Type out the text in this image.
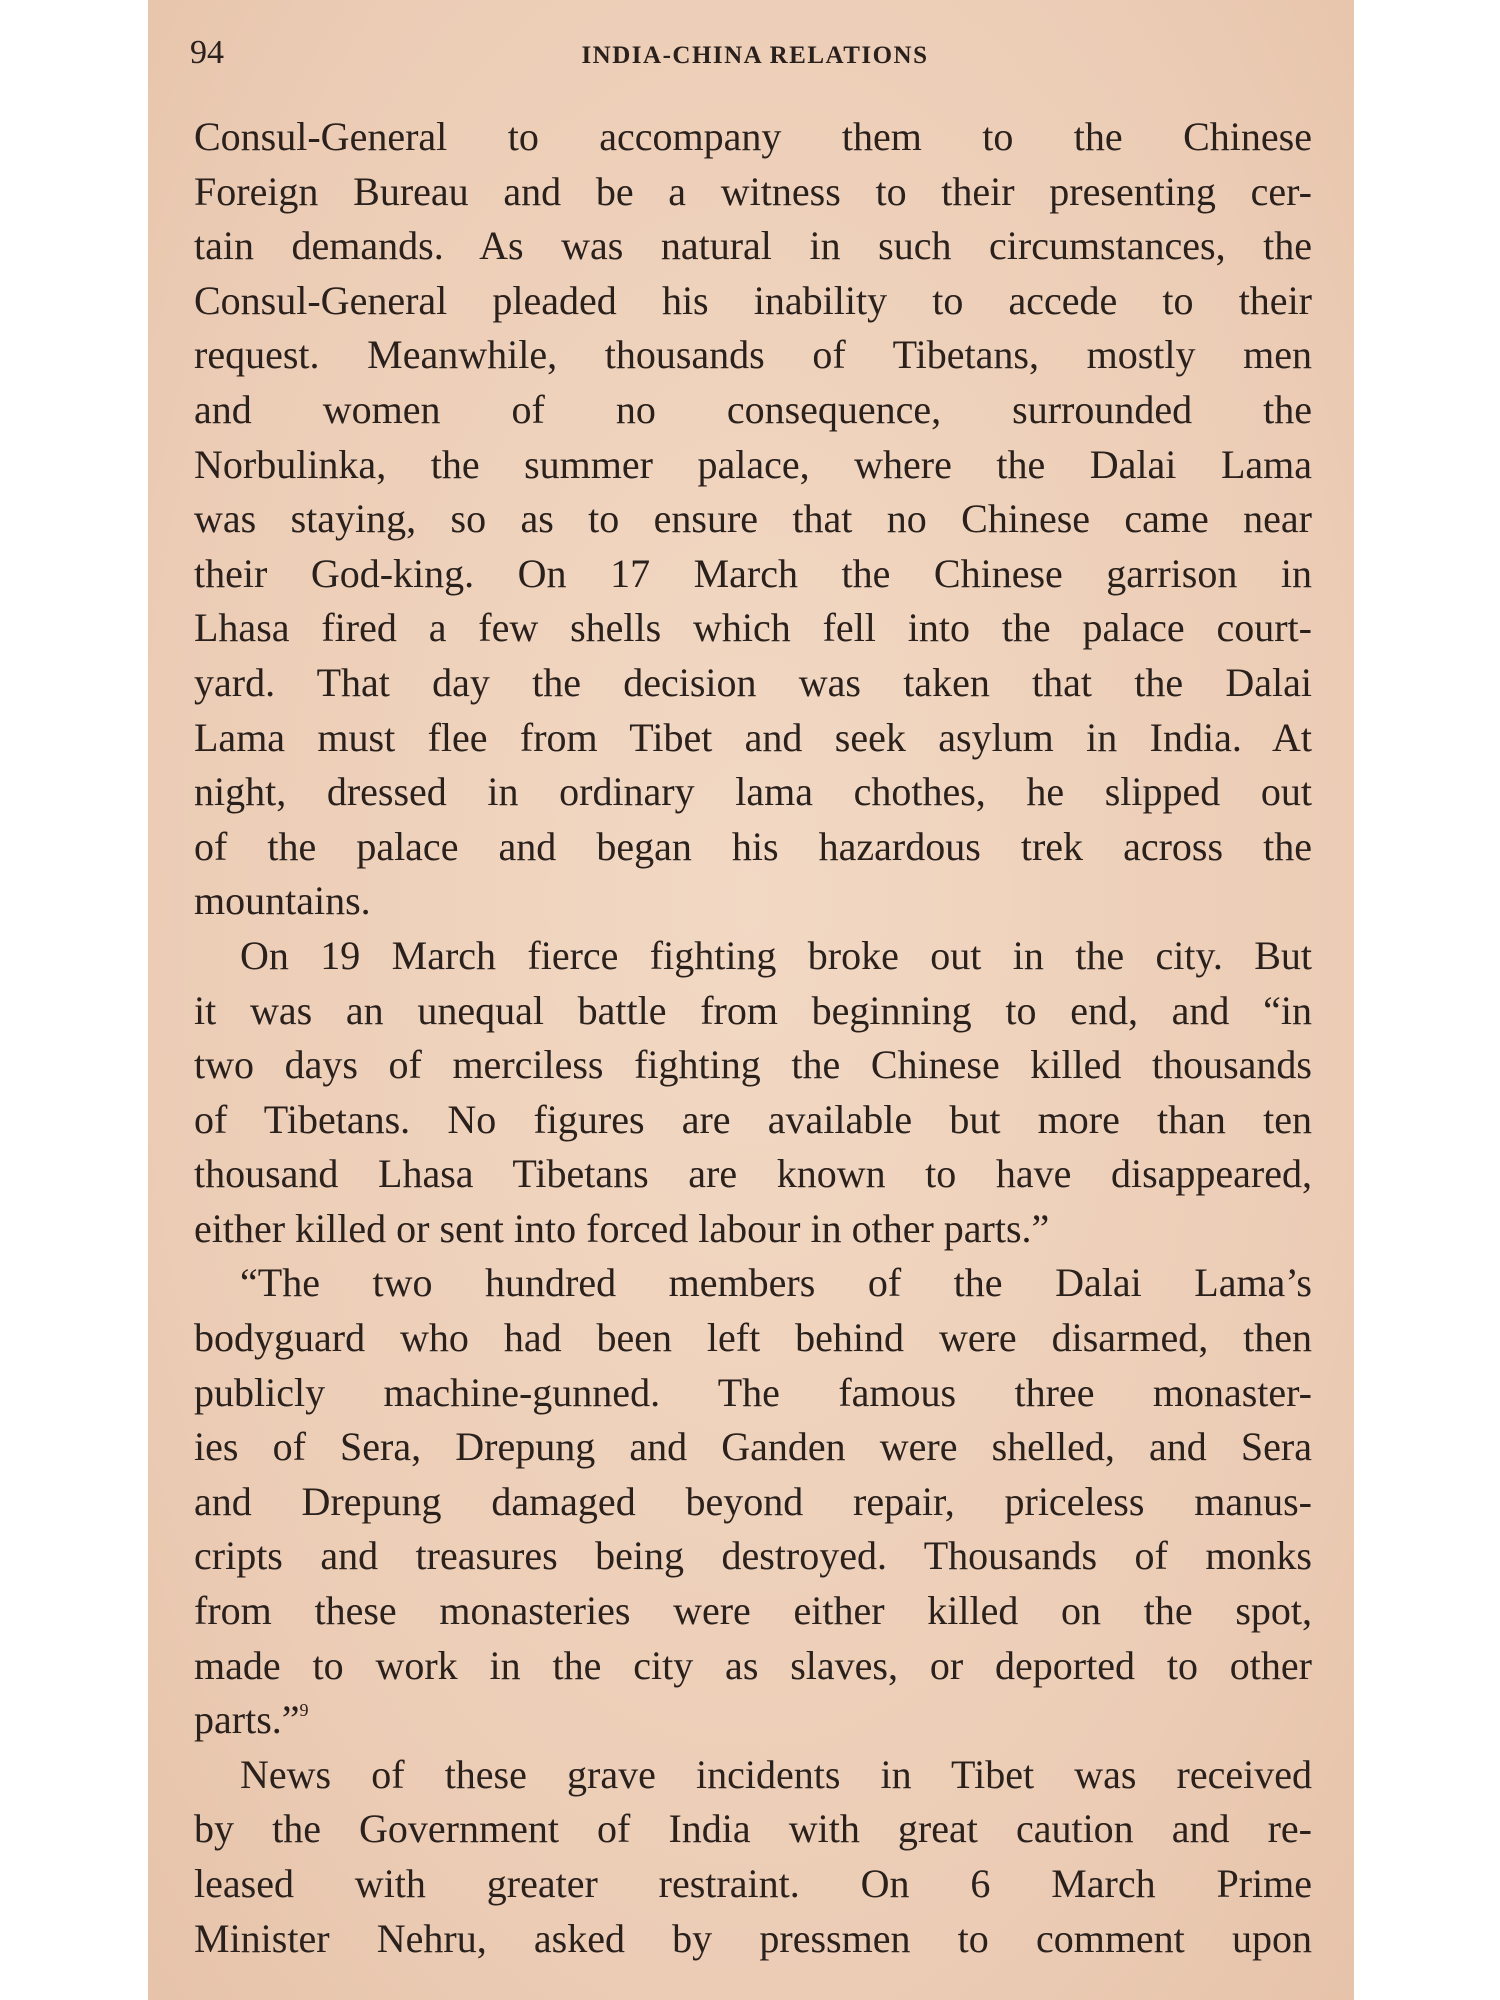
94	INDIA-CHINA RELATIONS
Consul-General to accompany them to the Chinese
Foreign Bureau and be a witness to their presenting cer-
tain demands. As was natural in such circumstances, the
Consul-General pleaded his inability to accede to their
request. Meanwhile, thousands of Tibetans, mostly men
and women of no consequence, surrounded the
Norbulinka, the summer palace, where the Dalai Lama
was staying, so as to ensure that no Chinese came near
their God-king. On 17 March the Chinese garrison in
Lhasa fired a few shells which fell into the palace court-
yard. That day the decision was taken that the Dalai
Lama must flee from Tibet and seek asylum in India. At
night, dressed in ordinary lama chothes, he slipped out
of the palace and began his hazardous trek across the
mountains.
On 19 March fierce fighting broke out in the city. But
it was an unequal battle from beginning to end, and “in
two days of merciless fighting the Chinese killed thousands
of Tibetans. No figures are available but more than ten
thousand Lhasa Tibetans are known to have disappeared,
either killed or sent into forced labour in other parts.”
“The two hundred members of the Dalai Lama’s
bodyguard who had been left behind were disarmed, then
publicly machine-gunned. The famous three monaster-
ies of Sera, Drepung and Ganden were shelled, and Sera
and Drepung damaged beyond repair, priceless manus-
cripts and treasures being destroyed. Thousands of monks
from these monasteries were either killed on the spot,
made to work in the city as slaves, or deported to other
parts.”$^9$
News of these grave incidents in Tibet was received
by the Government of India with great caution and re-
leased with greater restraint. On 6 March Prime
Minister Nehru, asked by pressmen to comment upon
